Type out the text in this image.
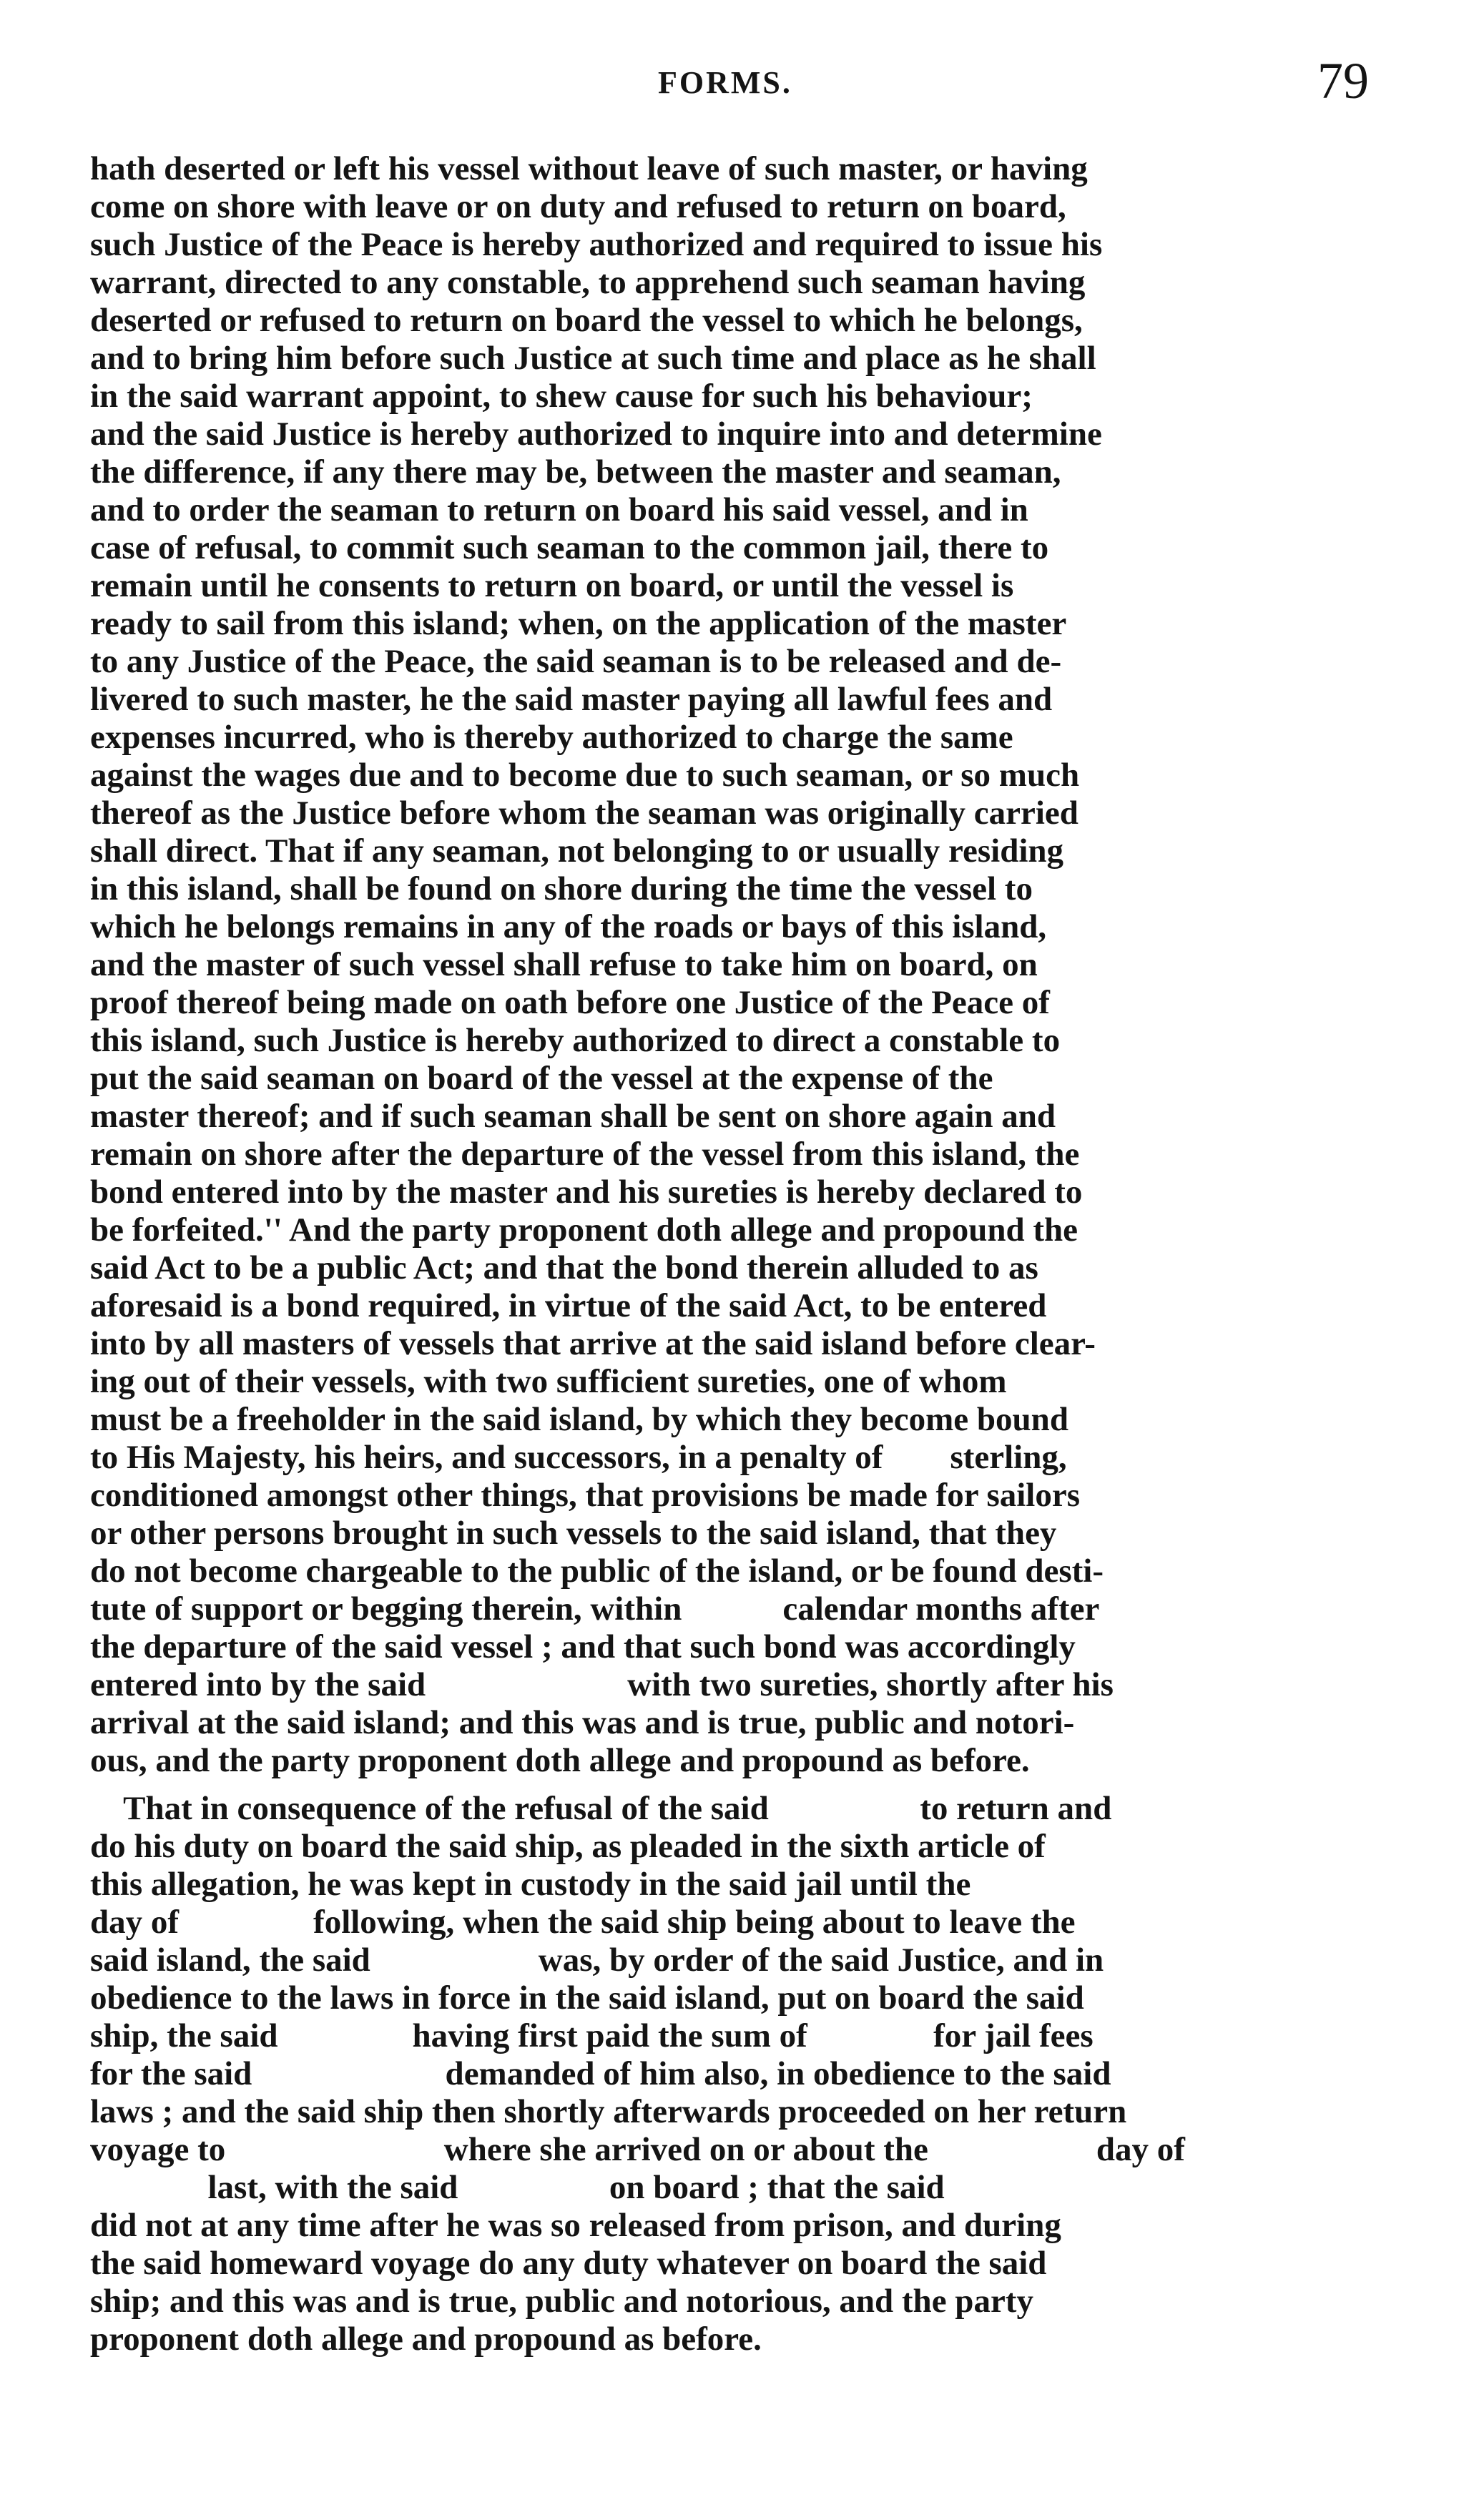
FORMS.	79
hath deserted or left his vessel without leave of such master, or having
come on shore with leave or on duty and refused to return on board,
such Justice of the Peace is hereby authorized and required to issue his
warrant, directed to any constable, to apprehend such seaman having
deserted or refused to return on board the vessel to which he belongs,
and to bring him before such Justice at such time and place as he shall
in the said warrant appoint, to shew cause for such his behaviour;
and the said Justice is hereby authorized to inquire into and determine
the difference, if any there may be, between the master and seaman,
and to order the seaman to return on board his said vessel, and in
case of refusal, to commit such seaman to the common jail, there to
remain until he consents to return on board, or until the vessel is
ready to sail from this island; when, on the application of the master
to any Justice of the Peace, the said seaman is to be released and de-
livered to such master, he the said master paying all lawful fees and
expenses incurred, who is thereby authorized to charge the same
against the wages due and to become due to such seaman, or so much
thereof as the Justice before whom the seaman was originally carried
shall direct. That if any seaman, not belonging to or usually residing
in this island, shall be found on shore during the time the vessel to
which he belongs remains in any of the roads or bays of this island,
and the master of such vessel shall refuse to take him on board, on
proof thereof being made on oath before one Justice of the Peace of
this island, such Justice is hereby authorized to direct a constable to
put the said seaman on board of the vessel at the expense of the
master thereof; and if such seaman shall be sent on shore again and
remain on shore after the departure of the vessel from this island, the
bond entered into by the master and his sureties is hereby declared to
be forfeited.'' And the party proponent doth allege and propound the
said Act to be a public Act; and that the bond therein alluded to as
aforesaid is a bond required, in virtue of the said Act, to be entered
into by all masters of vessels that arrive at the said island before clear-
ing out of their vessels, with two sufficient sureties, one of whom
must be a freeholder in the said island, by which they become bound
to His Majesty, his heirs, and successors, in a penalty of        sterling,
conditioned amongst other things, that provisions be made for sailors
or other persons brought in such vessels to the said island, that they
do not become chargeable to the public of the island, or be found desti-
tute of support or begging therein, within            calendar months after
the departure of the said vessel ; and that such bond was accordingly
entered into by the said                        with two sureties, shortly after his
arrival at the said island; and this was and is true, public and notori-
ous, and the party proponent doth allege and propound as before.
That in consequence of the refusal of the said                  to return and
do his duty on board the said ship, as pleaded in the sixth article of
this allegation, he was kept in custody in the said jail until the
day of                following, when the said ship being about to leave the
said island, the said                    was, by order of the said Justice, and in
obedience to the laws in force in the said island, put on board the said
ship, the said                having first paid the sum of               for jail fees
for the said                       demanded of him also, in obedience to the said
laws ; and the said ship then shortly afterwards proceeded on her return
voyage to                          where she arrived on or about the                    day of
last, with the said                  on board ; that the said
did not at any time after he was so released from prison, and during
the said homeward voyage do any duty whatever on board the said
ship; and this was and is true, public and notorious, and the party
proponent doth allege and propound as before.
